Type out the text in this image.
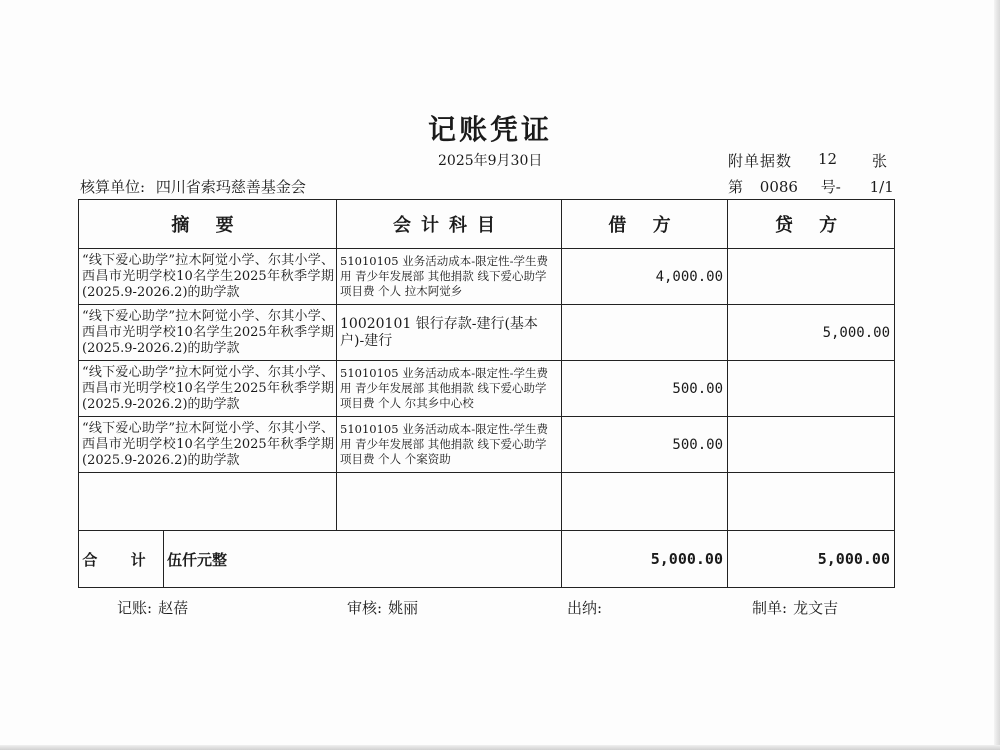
记账凭证
2025年9月30日	附单据数 12 张
核算单位: 四川省索玛慈善基金会	第 0086 号- 1/1
摘 要	会计科目	借 方	贷 方
“线下爱心助学”拉木阿觉小学、尔其小学、西昌市光明学校10名学生2025年秋季学期(2025.9-2026.2)的助学款	51010105 业务活动成本-限定性-学生费用 青少年发展部 其他捐款 线下爱心助学 项目费 个人 拉木阿觉乡	4,000.00	
“线下爱心助学”拉木阿觉小学、尔其小学、西昌市光明学校10名学生2025年秋季学期(2025.9-2026.2)的助学款	10020101 银行存款-建行(基本户)-建行		5,000.00
“线下爱心助学”拉木阿觉小学、尔其小学、西昌市光明学校10名学生2025年秋季学期(2025.9-2026.2)的助学款	51010105 业务活动成本-限定性-学生费用 青少年发展部 其他捐款 线下爱心助学 项目费 个人 尔其乡中心校	500.00	
“线下爱心助学”拉木阿觉小学、尔其小学、西昌市光明学校10名学生2025年秋季学期(2025.9-2026.2)的助学款	51010105 业务活动成本-限定性-学生费用 青少年发展部 其他捐款 线下爱心助学 项目费 个人 个案资助	500.00	

合 计 伍仟元整		5,000.00	5,000.00
记账: 赵蓓	审核: 姚丽	出纳:	制单: 龙文吉
